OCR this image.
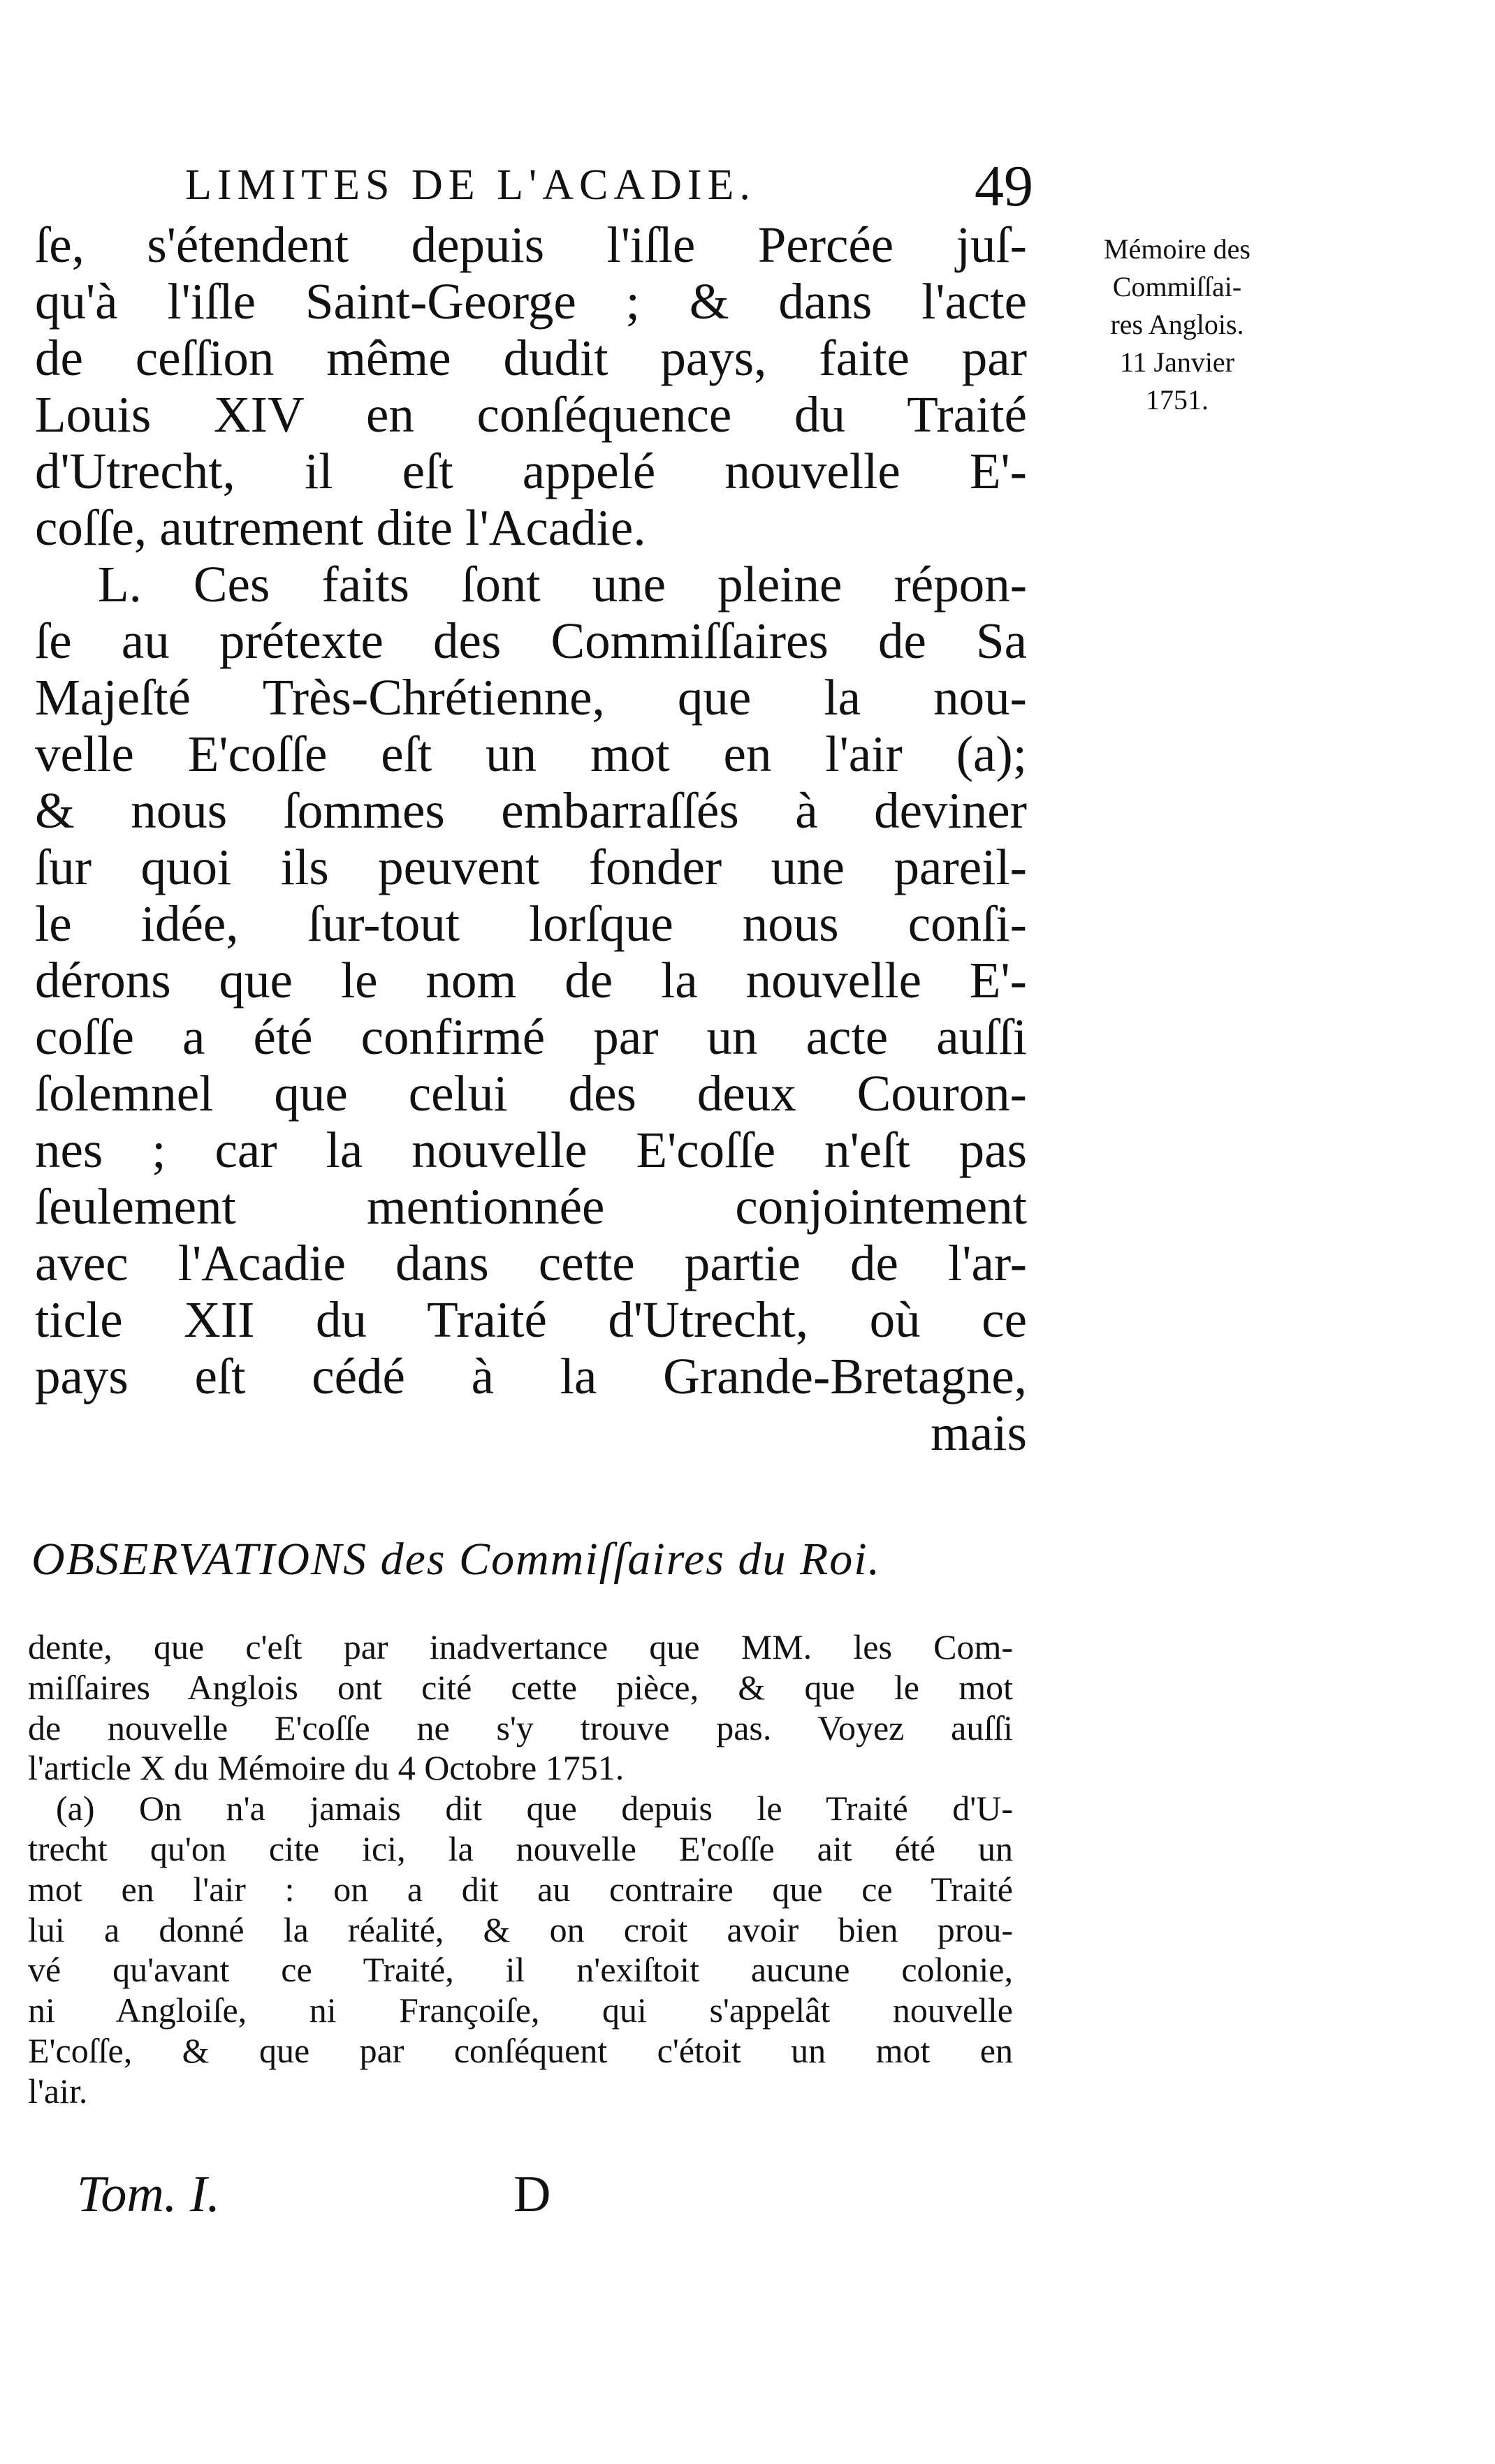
LIMITES DE L'ACADIE.	49
ſe, s'étendent depuis l'iſle Percée juſ-
qu'à l'iſle Saint-George ; & dans l'acte
de ceſſion même dudit pays, faite par
Louis XIV en conſéquence du Traité
d'Utrecht, il eſt appelé nouvelle E'-
coſſe, autrement dite l'Acadie.
L. Ces faits ſont une pleine répon-
ſe au prétexte des Commiſſaires de Sa
Majeſté Très-Chrétienne, que la nou-
velle E'coſſe eſt un mot en l'air (a);
& nous ſommes embarraſſés à deviner
ſur quoi ils peuvent fonder une pareil-
le idée, ſur-tout lorſque nous conſi-
dérons que le nom de la nouvelle E'-
coſſe a été confirmé par un acte auſſi
ſolemnel que celui des deux Couron-
nes ; car la nouvelle E'coſſe n'eſt pas
ſeulement mentionnée conjointement
avec l'Acadie dans cette partie de l'ar-
ticle XII du Traité d'Utrecht, où ce
pays eſt cédé à la Grande-Bretagne,
mais
Mémoire des
Commiſſai-
res Anglois.
11 Janvier
1751.
OBSERVATIONS des Commiſſaires du Roi.
dente, que c'eſt par inadvertance que MM. les Com-
miſſaires Anglois ont cité cette pièce, & que le mot
de nouvelle E'coſſe ne s'y trouve pas. Voyez auſſi
l'article X du Mémoire du 4 Octobre 1751.
(a) On n'a jamais dit que depuis le Traité d'U-
trecht qu'on cite ici, la nouvelle E'coſſe ait été un
mot en l'air : on a dit au contraire que ce Traité
lui a donné la réalité, & on croit avoir bien prou-
vé qu'avant ce Traité, il n'exiſtoit aucune colonie,
ni Angloiſe, ni Françoiſe, qui s'appelât nouvelle
E'coſſe, & que par conſéquent c'étoit un mot en
l'air.
Tom. I.	D
